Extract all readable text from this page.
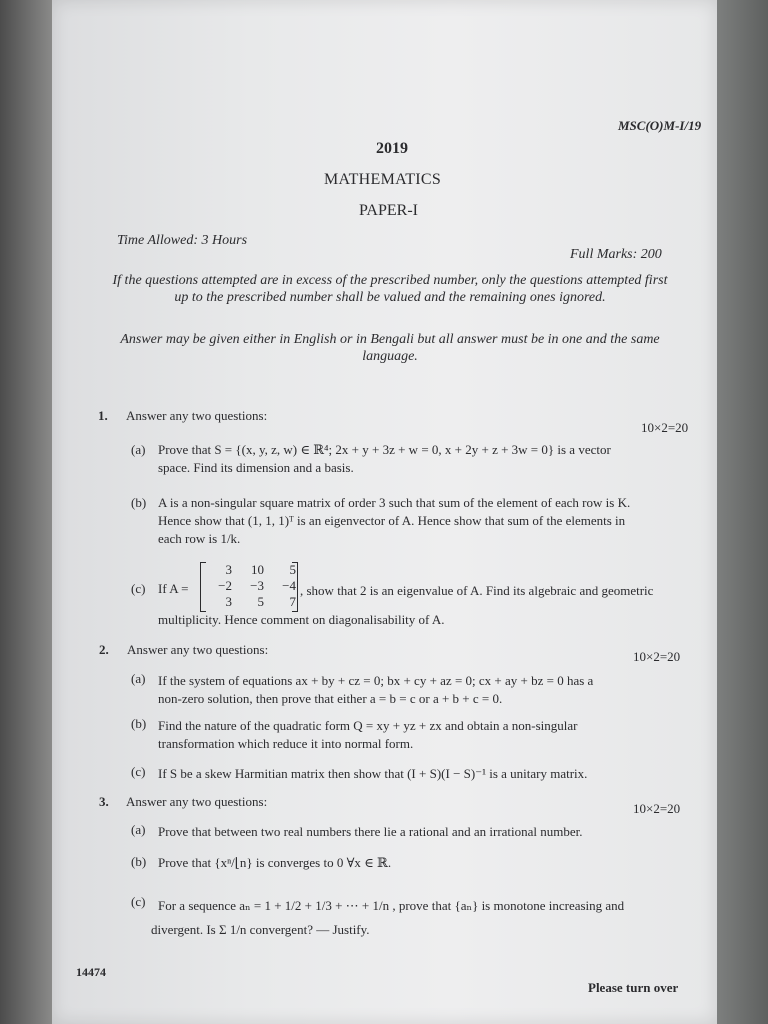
MSC(O)M-I/19
2019
MATHEMATICS
PAPER-I
Time Allowed: 3 Hours
Full Marks: 200
If the questions attempted are in excess of the prescribed number, only the questions attempted first up to the prescribed number shall be valued and the remaining ones ignored.
Answer may be given either in English or in Bengali but all answer must be in one and the same language.
1. Answer any two questions:
10×2=20
(a) Prove that S = {(x, y, z, w) ∈ ℝ⁴; 2x + y + 3z + w = 0, x + 2y + z + 3w = 0} is a vector
space. Find its dimension and a basis.
(b) A is a non-singular square matrix of order 3 such that sum of the element of each row is K.
Hence show that (1, 1, 1)ᵀ is an eigenvector of A. Hence show that sum of the elements in
each row is 1/k.
(c) If A =
3	10	5
−2	−3	−4
3	5	7
, show that 2 is an eigenvalue of A. Find its algebraic and geometric
multiplicity. Hence comment on diagonalisability of A.
2. Answer any two questions:	10×2=20
(a) If the system of equations ax + by + cz = 0; bx + cy + az = 0; cx + ay + bz = 0 has a
non-zero solution, then prove that either a = b = c or a + b + c = 0.
(b) Find the nature of the quadratic form Q = xy + yz + zx and obtain a non-singular
transformation which reduce it into normal form.
(c) If S be a skew Harmitian matrix then show that (I + S)(I − S)⁻¹ is a unitary matrix.
3. Answer any two questions:	10×2=20
(a) Prove that between two real numbers there lie a rational and an irrational number.
(b) Prove that {xⁿ/⌊n} is converges to 0 ∀x ∈ ℝ.
(c) For a sequence aₙ = 1 + 1/2 + 1/3 + ⋯ + 1/n , prove that {aₙ} is monotone increasing and
divergent. Is Σ 1/n convergent? — Justify.
14474
Please turn over
